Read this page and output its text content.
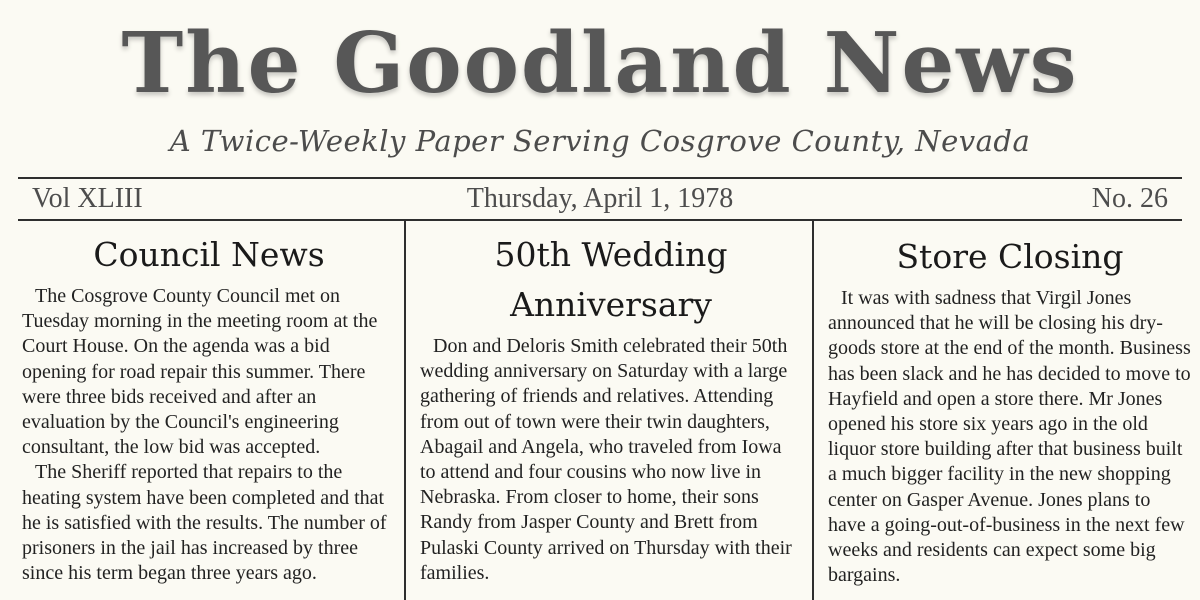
The Goodland News
A Twice-Weekly Paper Serving Cosgrove County, Nevada
Vol XLIII	Thursday, April 1, 1978	No. 26
Council News

The Cosgrove County Council met on Tuesday morning in the meeting room at the Court House. On the agenda was a bid opening for road repair this summer. There were three bids received and after an evaluation by the Council's engineering consultant, the low bid was accepted.

The Sheriff reported that repairs to the heating system have been completed and that he is satisfied with the results. The number of prisoners in the jail has increased by three since his term began three years ago.

50th Wedding Anniversary

Don and Deloris Smith celebrated their 50th wedding anniversary on Saturday with a large gathering of friends and relatives. Attending from out of town were their twin daughters, Abagail and Angela, who traveled from Iowa to attend and four cousins who now live in Nebraska. From closer to home, their sons Randy from Jasper County and Brett from Pulaski County arrived on Thursday with their families.

Store Closing

It was with sadness that Virgil Jones announced that he will be closing his dry-goods store at the end of the month. Business has been slack and he has decided to move to Hayfield and open a store there. Mr Jones opened his store six years ago in the old liquor store building after that business built a much bigger facility in the new shopping center on Gasper Avenue. Jones plans to have a going-out-of-business in the next few weeks and residents can expect some big bargains.
